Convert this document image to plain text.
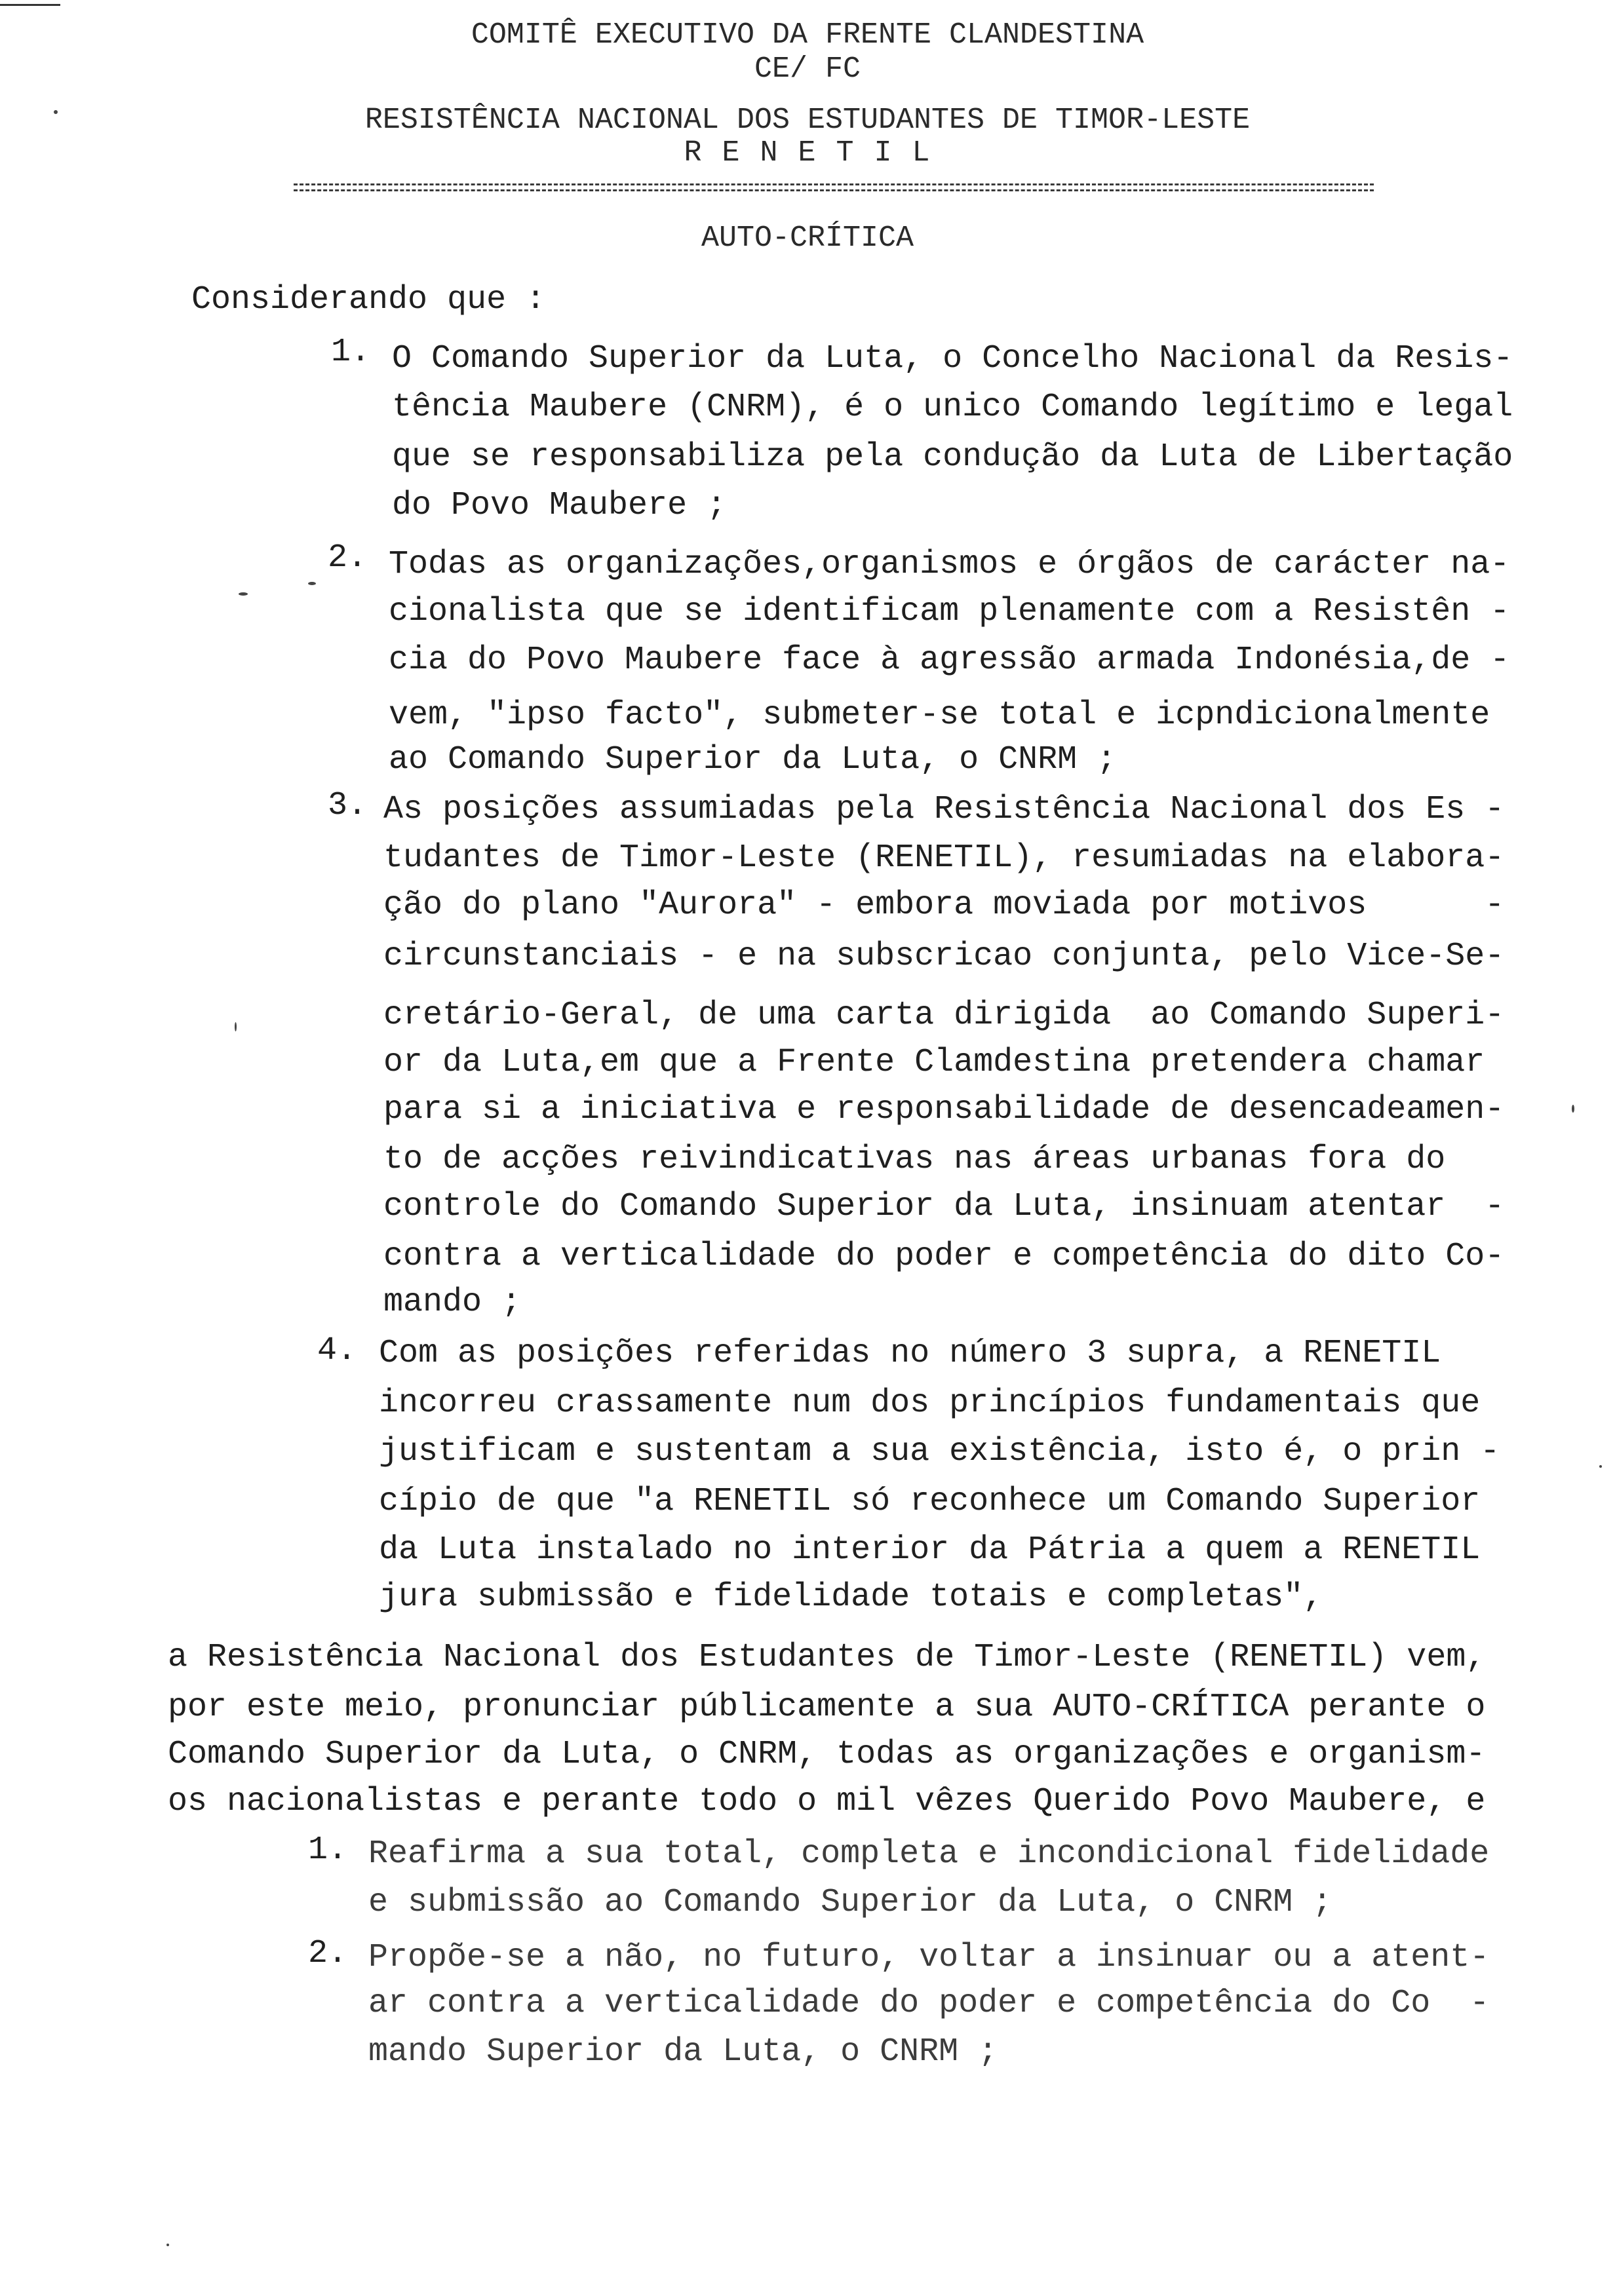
COMITÊ EXECUTIVO DA FRENTE CLANDESTINA
CE/ FC
RESISTÊNCIA NACIONAL DOS ESTUDANTES DE TIMOR-LESTE
R E N E T I L
AUTO-CRÍTICA
Considerando que :
1. O Comando Superior da Luta, o Concelho Nacional da Resis-
tência Maubere (CNRM), é o unico Comando legítimo e legal
que se responsabiliza pela condução da Luta de Libertação
do Povo Maubere ;
2. Todas as organizações,organismos e órgãos de carácter na-
cionalista que se identificam plenamente com a Resistên -
cia do Povo Maubere face à agressão armada Indonésia,de -
vem, "ipso facto", submeter-se total e icpndicionalmente
ao Comando Superior da Luta, o CNRM ;
3. As posições assumiadas pela Resistência Nacional dos Es -
tudantes de Timor-Leste (RENETIL), resumiadas na elabora-
ção do plano "Aurora" - embora moviada por motivos      -
circunstanciais - e na subscricao conjunta, pelo Vice-Se-
cretário-Geral, de uma carta dirigida  ao Comando Superi-
or da Luta,em que a Frente Clamdestina pretendera chamar
para si a iniciativa e responsabilidade de desencadeamen-
to de acções reivindicativas nas áreas urbanas fora do
controle do Comando Superior da Luta, insinuam atentar  -
contra a verticalidade do poder e competência do dito Co-
mando ;
4. Com as posições referidas no número 3 supra, a RENETIL
incorreu crassamente num dos princípios fundamentais que
justificam e sustentam a sua existência, isto é, o prin -
cípio de que "a RENETIL só reconhece um Comando Superior
da Luta instalado no interior da Pátria a quem a RENETIL
jura submissão e fidelidade totais e completas",
a Resistência Nacional dos Estudantes de Timor-Leste (RENETIL) vem,
por este meio, pronunciar públicamente a sua AUTO-CRÍTICA perante o
Comando Superior da Luta, o CNRM, todas as organizações e organism-
os nacionalistas e perante todo o mil vêzes Querido Povo Maubere, e
1. Reafirma a sua total, completa e incondicional fidelidade
e submissão ao Comando Superior da Luta, o CNRM ;
2. Propõe-se a não, no futuro, voltar a insinuar ou a atent-
ar contra a verticalidade do poder e competência do Co  -
mando Superior da Luta, o CNRM ;
